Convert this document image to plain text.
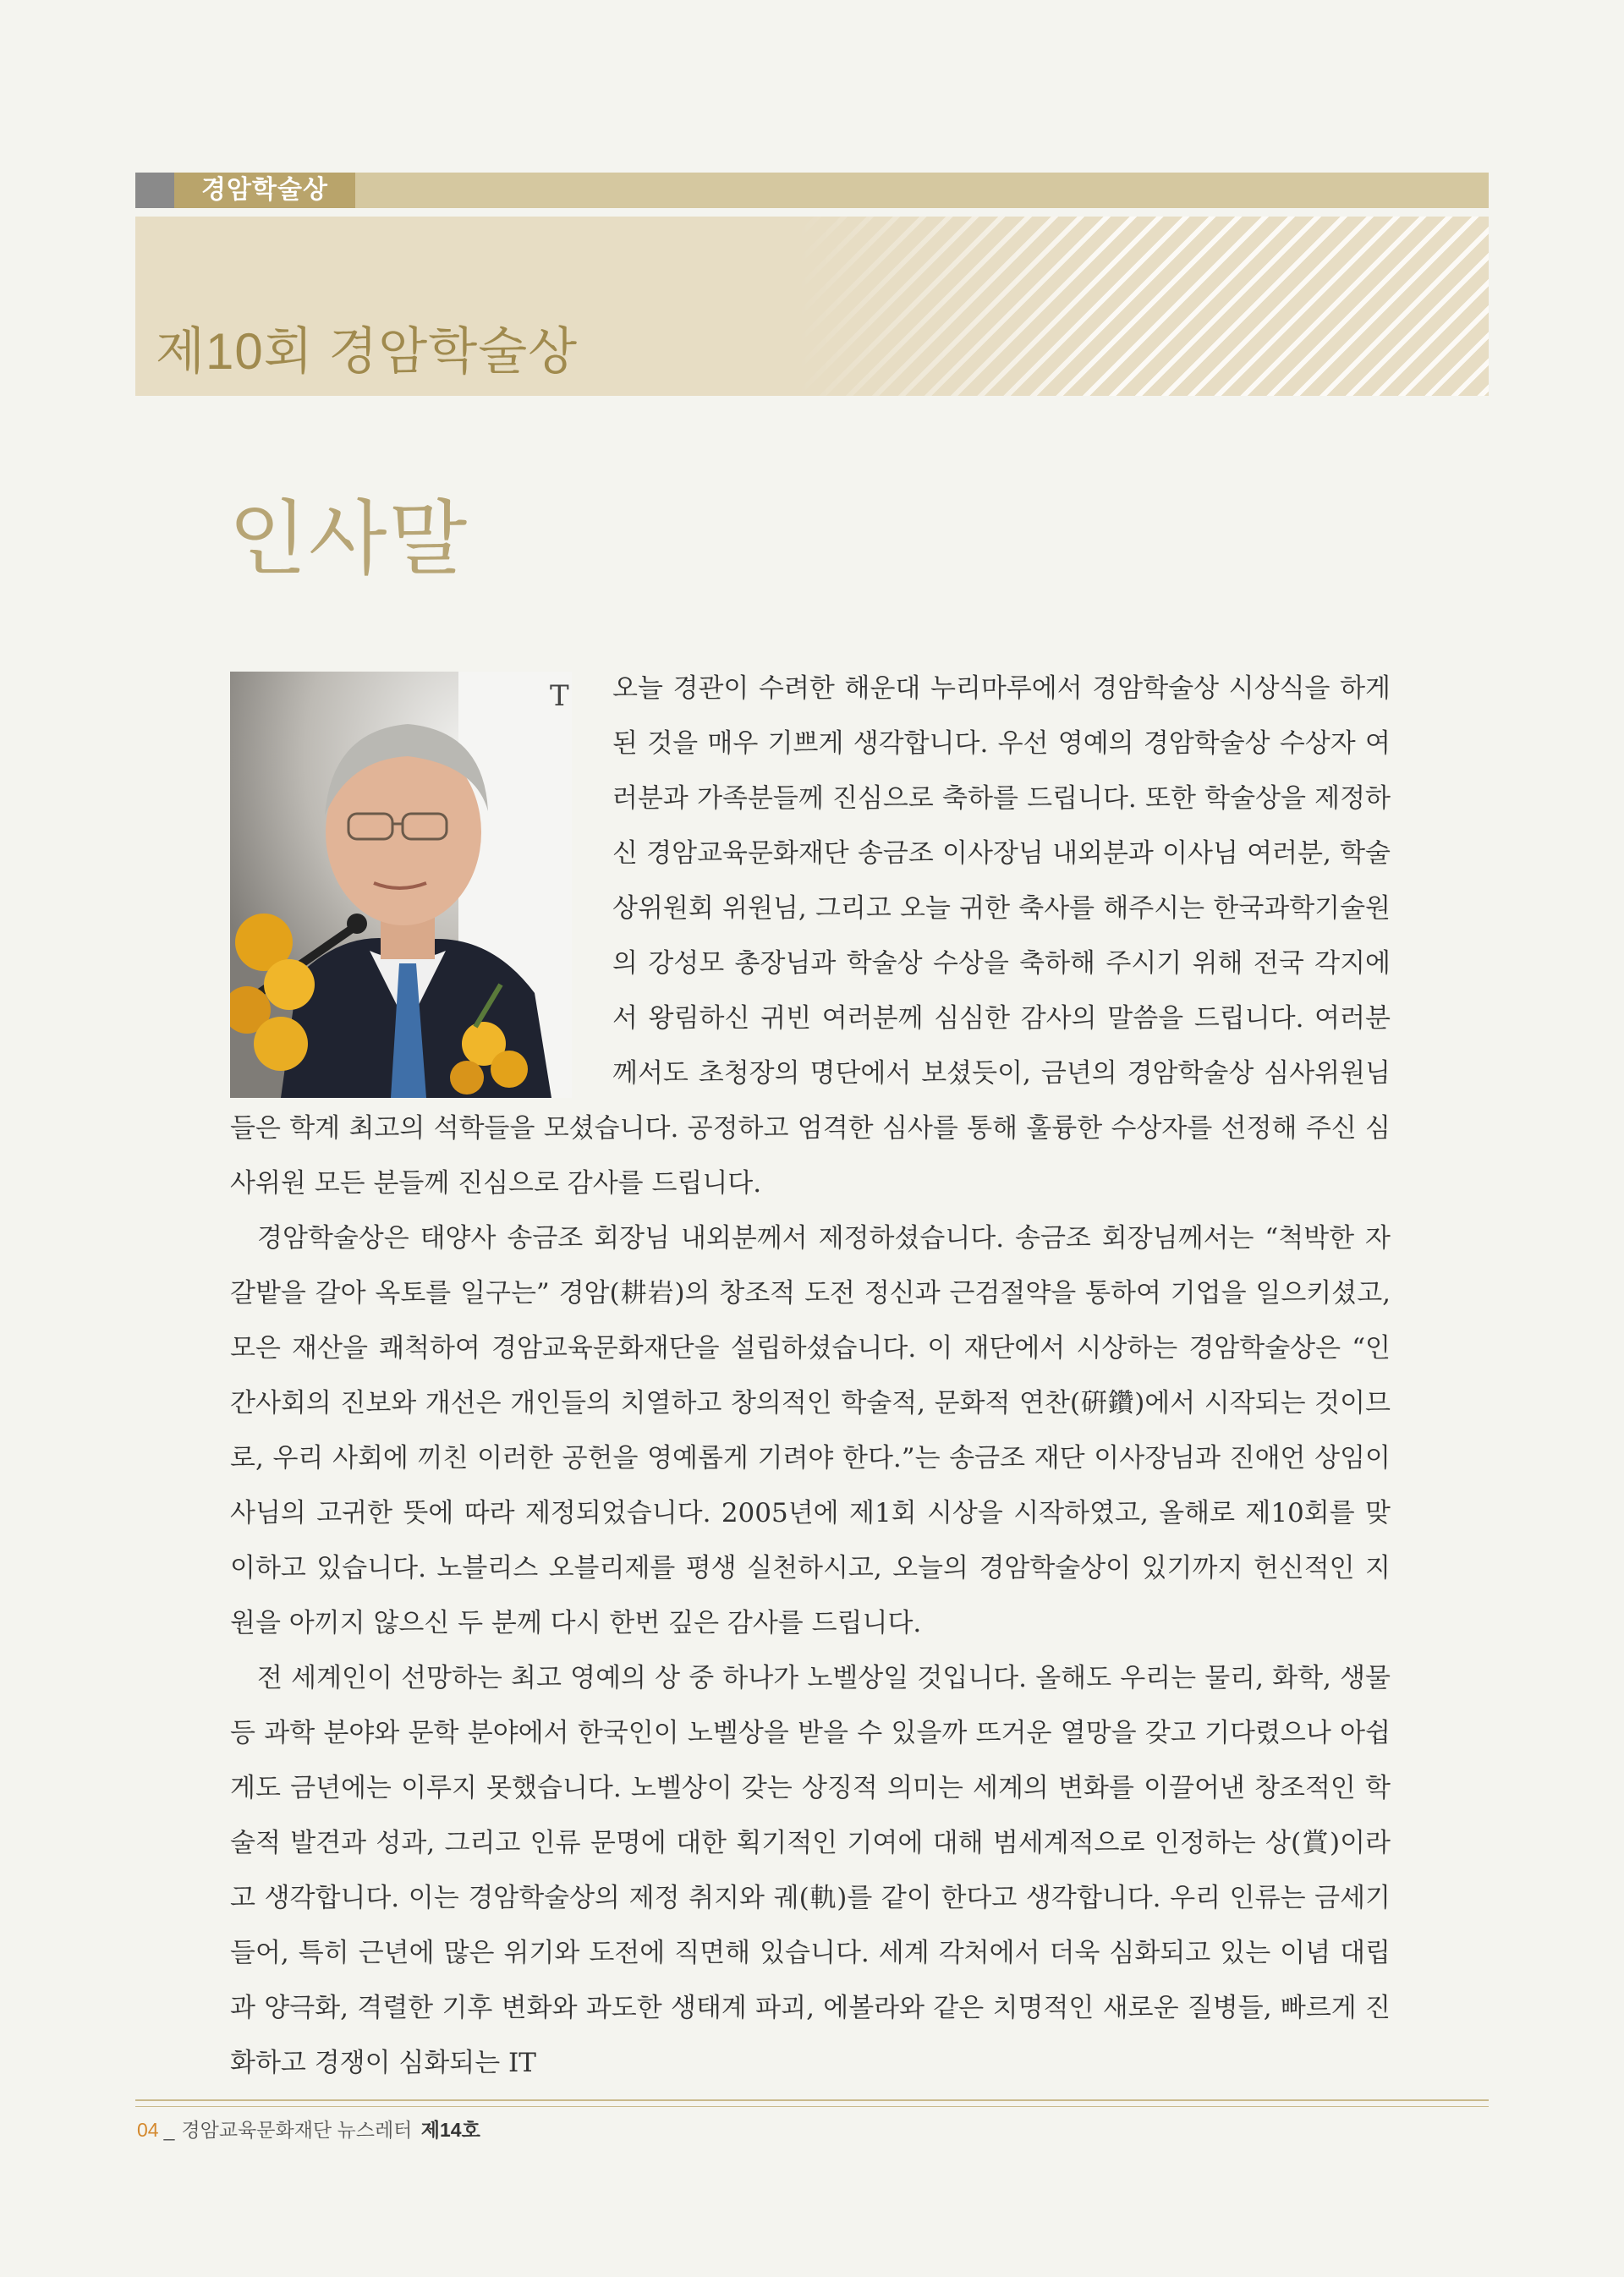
경암학술상
제10회 경암학술상
인사말
T	오늘 경관이 수려한 해운대 누리마루에서 경암학술상 시상식을 하게 된 것을 매우 기쁘게 생각합니다. 우선 영예의 경암학술상 수상자 여러분과 가족분들께 진심으로 축하를 드립니다. 또한 학술상을 제정하신 경암교육문화재단 송금조 이사장님 내외분과 이사님 여러분, 학술상위원회 위원님, 그리고 오늘 귀한 축사를 해주시는 한국과학기술원의 강성모 총장님과 학술상 수상을 축하해 주시기 위해 전국 각지에서 왕림하신 귀빈 여러분께 심심한 감사의 말씀을 드립니다. 여러분께서도 초청장의 명단에서 보셨듯이, 금년의 경암학술상 심사위원님들은 학계 최고의 석학들을 모셨습니다. 공정하고 엄격한 심사를 통해 훌륭한 수상자를 선정해 주신 심사위원 모든 분들께 진심으로 감사를 드립니다.

경암학술상은 태양사 송금조 회장님 내외분께서 제정하셨습니다. 송금조 회장님께서는 “척박한 자갈밭을 갈아 옥토를 일구는” 경암(耕岩)의 창조적 도전 정신과 근검절약을 통하여 기업을 일으키셨고, 모은 재산을 쾌척하여 경암교육문화재단을 설립하셨습니다. 이 재단에서 시상하는 경암학술상은 “인간사회의 진보와 개선은 개인들의 치열하고 창의적인 학술적, 문화적 연찬(硏鑽)에서 시작되는 것이므로, 우리 사회에 끼친 이러한 공헌을 영예롭게 기려야 한다.”는 송금조 재단 이사장님과 진애언 상임이사님의 고귀한 뜻에 따라 제정되었습니다. 2005년에 제1회 시상을 시작하였고, 올해로 제10회를 맞이하고 있습니다. 노블리스 오블리제를 평생 실천하시고, 오늘의 경암학술상이 있기까지 헌신적인 지원을 아끼지 않으신 두 분께 다시 한번 깊은 감사를 드립니다.

전 세계인이 선망하는 최고 영예의 상 중 하나가 노벨상일 것입니다. 올해도 우리는 물리, 화학, 생물 등 과학 분야와 문학 분야에서 한국인이 노벨상을 받을 수 있을까 뜨거운 열망을 갖고 기다렸으나 아쉽게도 금년에는 이루지 못했습니다. 노벨상이 갖는 상징적 의미는 세계의 변화를 이끌어낸 창조적인 학술적 발견과 성과, 그리고 인류 문명에 대한 획기적인 기여에 대해 범세계적으로 인정하는 상(賞)이라고 생각합니다. 이는 경암학술상의 제정 취지와 궤(軌)를 같이 한다고 생각합니다. 우리 인류는 금세기 들어, 특히 근년에 많은 위기와 도전에 직면해 있습니다. 세계 각처에서 더욱 심화되고 있는 이념 대립과 양극화, 격렬한 기후 변화와 과도한 생태계 파괴, 에볼라와 같은 치명적인 새로운 질병들, 빠르게 진화하고 경쟁이 심화되는 IT

04 _ 경암교육문화재단 뉴스레터 제14호
